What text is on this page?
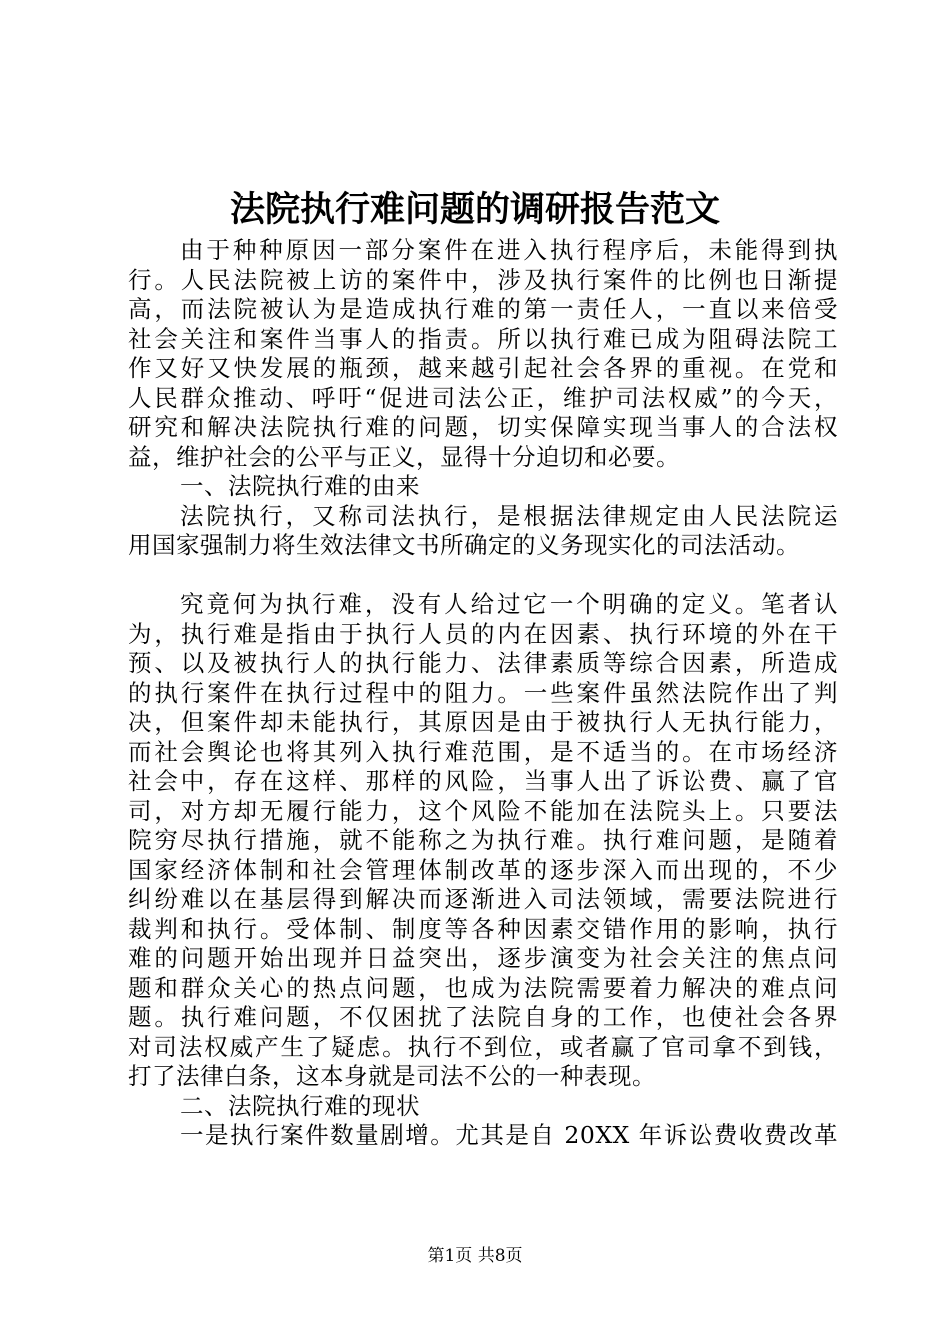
法院执行难问题的调研报告范文
由于种种原因一部分案件在进入执行程序后，未能得到执
行。人民法院被上访的案件中，涉及执行案件的比例也日渐提
高，而法院被认为是造成执行难的第一责任人，一直以来倍受
社会关注和案件当事人的指责。所以执行难已成为阻碍法院工
作又好又快发展的瓶颈，越来越引起社会各界的重视。在党和
人民群众推动、呼吁“促进司法公正，维护司法权威”的今天，
研究和解决法院执行难的问题，切实保障实现当事人的合法权
益，维护社会的公平与正义，显得十分迫切和必要。
一、法院执行难的由来
法院执行，又称司法执行，是根据法律规定由人民法院运
用国家强制力将生效法律文书所确定的义务现实化的司法活动。
究竟何为执行难，没有人给过它一个明确的定义。笔者认
为，执行难是指由于执行人员的内在因素、执行环境的外在干
预、以及被执行人的执行能力、法律素质等综合因素，所造成
的执行案件在执行过程中的阻力。一些案件虽然法院作出了判
决，但案件却未能执行，其原因是由于被执行人无执行能力，
而社会舆论也将其列入执行难范围，是不适当的。在市场经济
社会中，存在这样、那样的风险，当事人出了诉讼费、赢了官
司，对方却无履行能力，这个风险不能加在法院头上。只要法
院穷尽执行措施，就不能称之为执行难。执行难问题，是随着
国家经济体制和社会管理体制改革的逐步深入而出现的，不少
纠纷难以在基层得到解决而逐渐进入司法领域，需要法院进行
裁判和执行。受体制、制度等各种因素交错作用的影响，执行
难的问题开始出现并日益突出，逐步演变为社会关注的焦点问
题和群众关心的热点问题，也成为法院需要着力解决的难点问
题。执行难问题，不仅困扰了法院自身的工作，也使社会各界
对司法权威产生了疑虑。执行不到位，或者赢了官司拿不到钱，
打了法律白条，这本身就是司法不公的一种表现。
二、法院执行难的现状
一是执行案件数量剧增。尤其是自 20XX 年诉讼费收费改革
第1页 共8页
